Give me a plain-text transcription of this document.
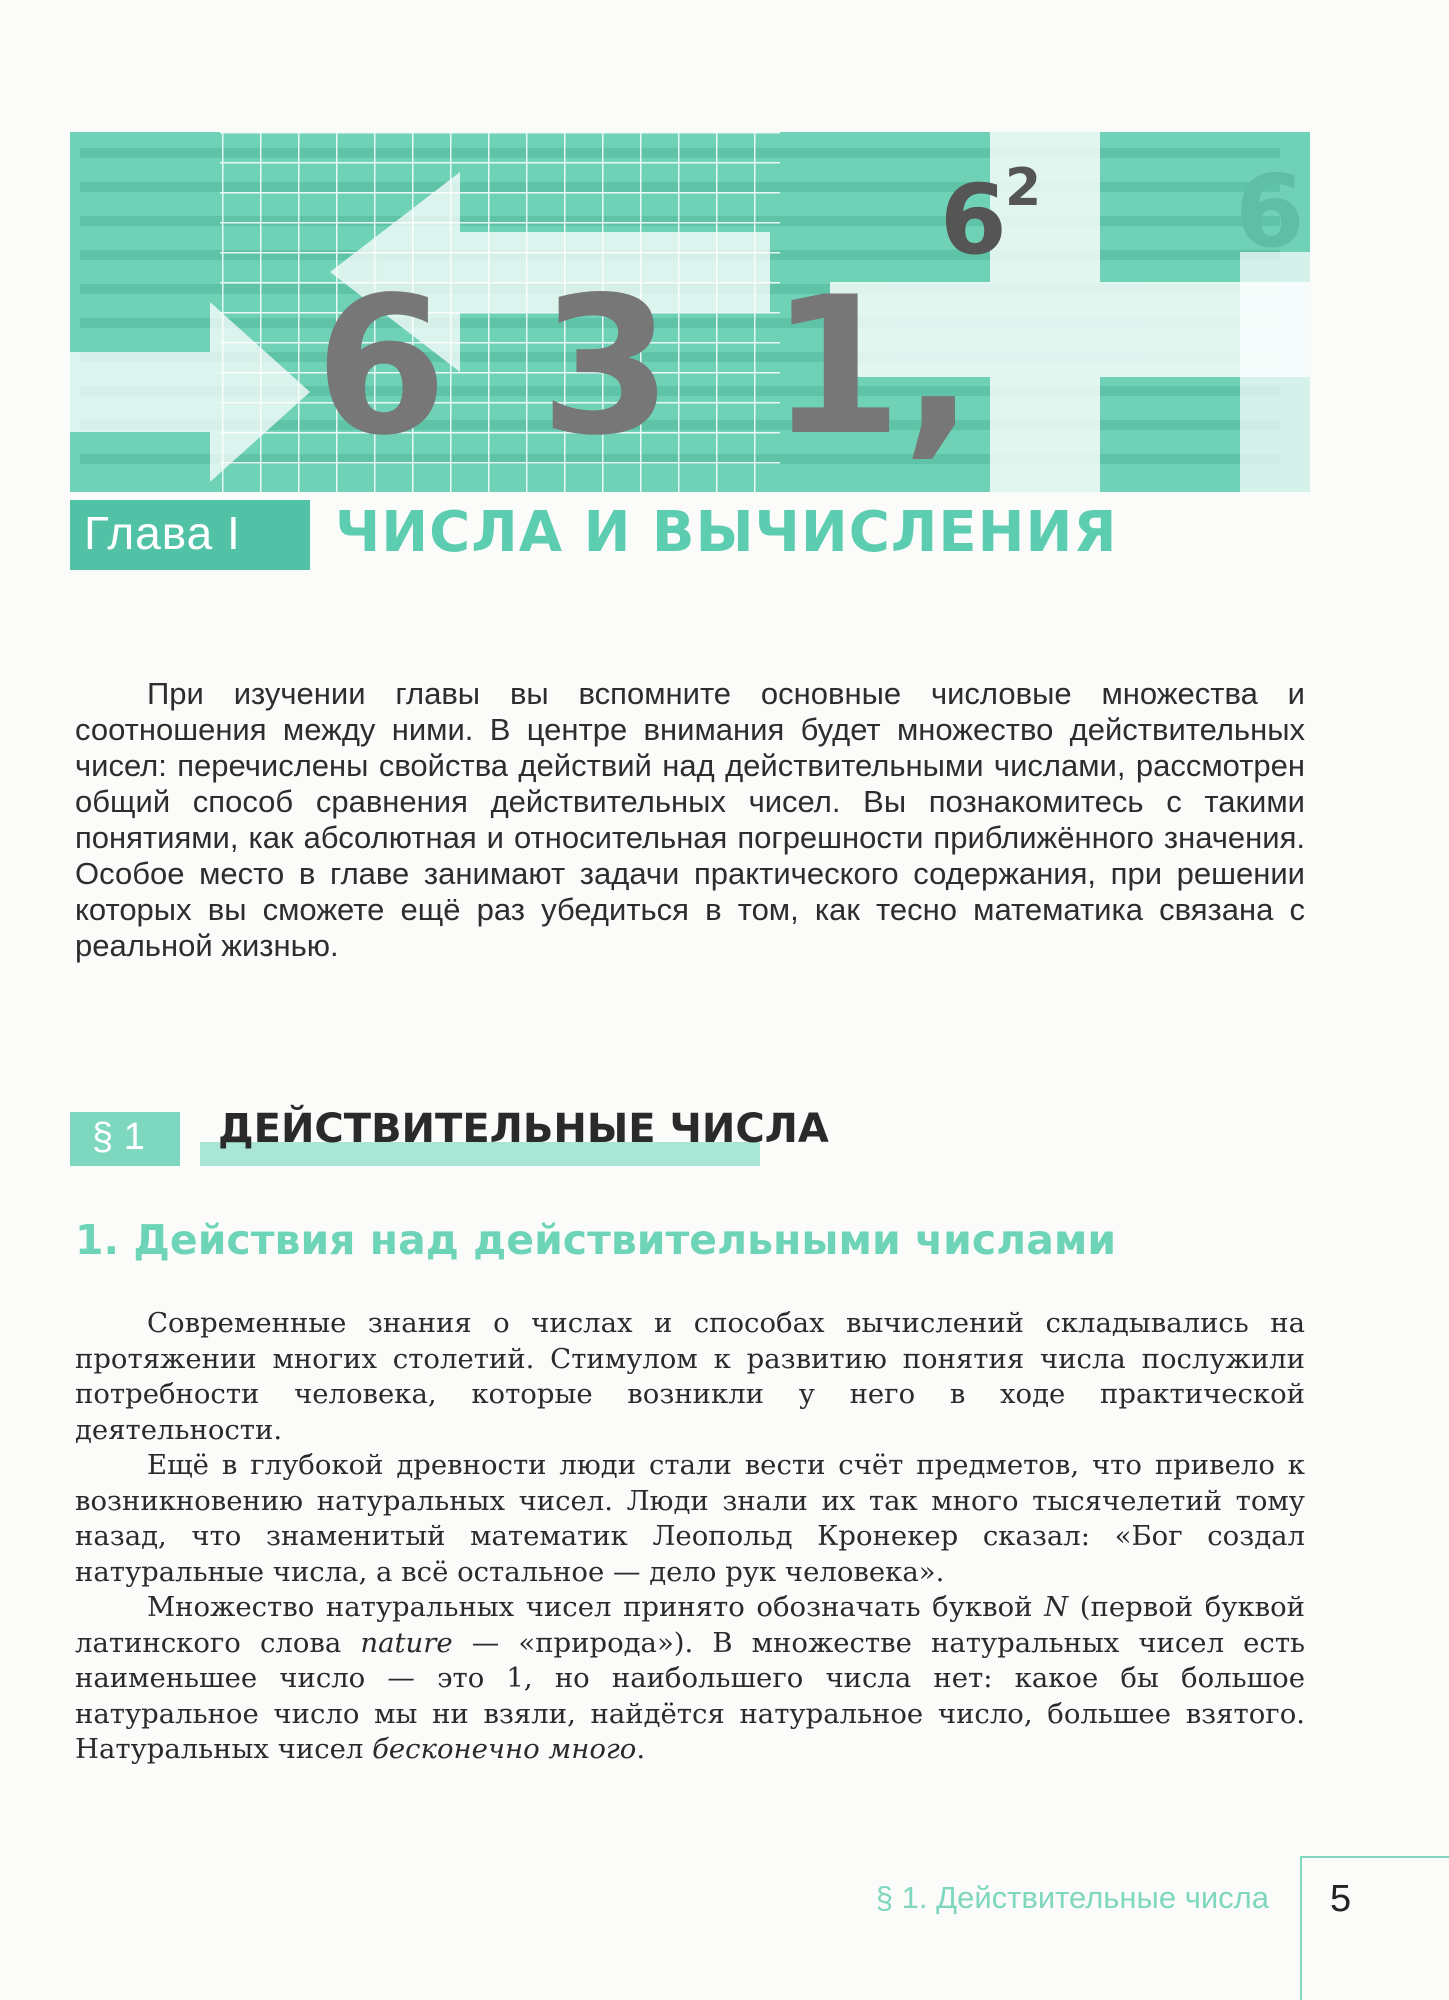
6 3 1,
6
2 6
Глава I ЧИСЛА И ВЫЧИСЛЕНИЯ

При изучении главы вы вспомните основные числовые множества и соотношения между ними. В центре внимания будет множество действительных чисел: перечислены свойства действий над действительными числами, рассмотрен общий способ сравнения действительных чисел. Вы познакомитесь с такими понятиями, как абсолютная и относительная погрешности приближённого значения. Особое место в главе занимают задачи практического содержания, при решении которых вы сможете ещё раз убедиться в том, как тесно математика связана с реальной жизнью.

§ 1 ДЕЙСТВИТЕЛЬНЫЕ ЧИСЛА
1. Действия над действительными числами

Современные знания о числах и способах вычислений складывались на протяжении многих столетий. Стимулом к развитию понятия числа послужили потребности человека, которые возникли у него в ходе практической деятельности.

Ещё в глубокой древности люди стали вести счёт предметов, что привело к возникновению натуральных чисел. Люди знали их так много тысячелетий тому назад, что знаменитый математик Леопольд Кронекер сказал: «Бог создал натуральные числа, а всё остальное — дело рук человека».

Множество натуральных чисел принято обозначать буквой N (первой буквой латинского слова nature — «природа»). В множестве натуральных чисел есть наименьшее число — это 1, но наибольшего числа нет: какое бы большое натуральное число мы ни взяли, найдётся натуральное число, большее взятого. Натуральных чисел бесконечно много.

§ 1. Действительные числа 5
